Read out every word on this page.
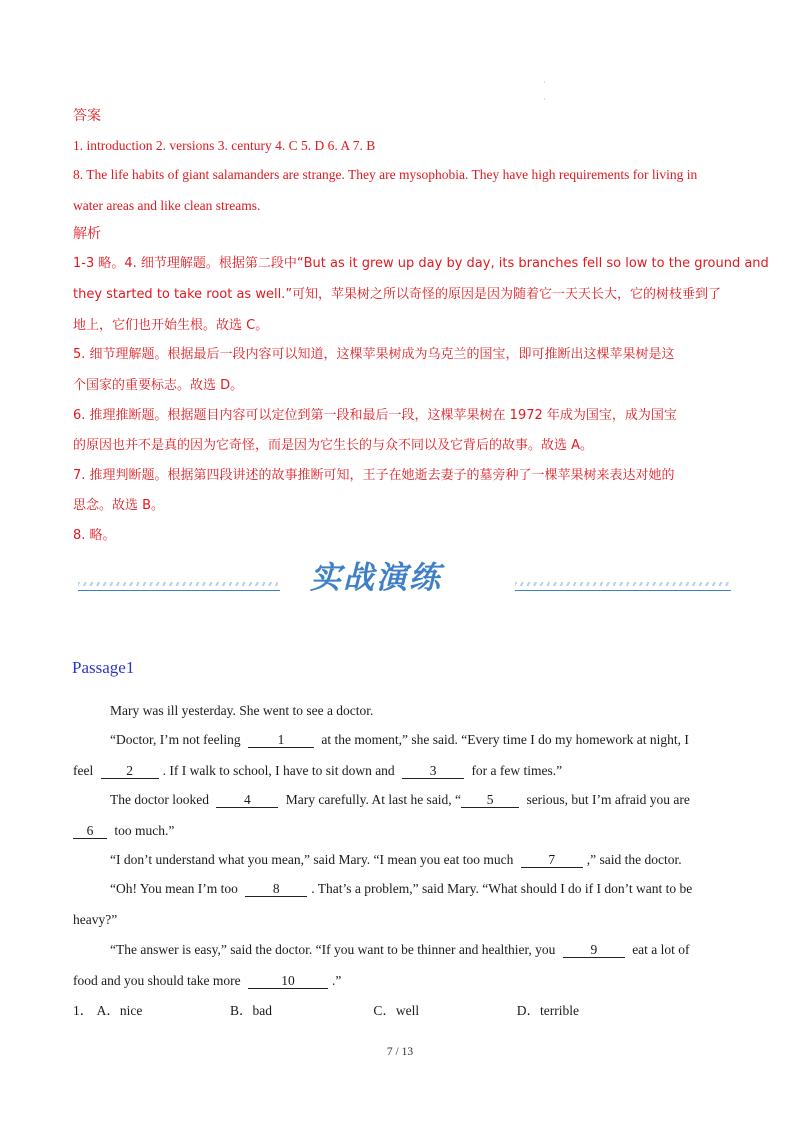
·
·
答案
1. introduction 2. versions 3. century 4. C 5. D 6. A 7. B
8. The life habits of giant salamanders are strange. They are mysophobia. They have high requirements for living in
water areas and like clean streams.
解析
1-3 略。4. 细节理解题。根据第二段中“But as it grew up day by day, its branches fell so low to the ground and
they started to take root as well.”可知，苹果树之所以奇怪的原因是因为随着它一天天长大，它的树枝垂到了
地上，它们也开始生根。故选 C。
5. 细节理解题。根据最后一段内容可以知道，这棵苹果树成为乌克兰的国宝，即可推断出这棵苹果树是这
个国家的重要标志。故选 D。
6. 推理推断题。根据题目内容可以定位到第一段和最后一段，这棵苹果树在 1972 年成为国宝，成为国宝
的原因也并不是真的因为它奇怪，而是因为它生长的与众不同以及它背后的故事。故选 A。
7. 推理判断题。根据第四段讲述的故事推断可知，王子在她逝去妻子的墓旁种了一棵苹果树来表达对她的
思念。故选 B。
8. 略。
实战演练
Passage1
Mary was ill yesterday. She went to see a doctor.
“Doctor, I’m not feeling	1	at the moment,” she said. “Every time I do my homework at night, I
feel 2 . If I walk to school, I have to sit down and	3	for a few times.”
The doctor looked	4	Mary carefully. At last he said, “ 5 serious, but I’m afraid you are
6 too much.”
“I don’t understand what you mean,” said Mary. “I mean you eat too much	7 ,” said the doctor.
“Oh! You mean I’m too	8 . That’s a problem,” said Mary. “What should I do if I don’t want to be
heavy?”
“The answer is easy,” said the doctor. “If you want to be thinner and healthier, you	9	eat a lot of
food and you should take more	10	.”
1． A．nice	B．bad	C．well	D．terrible
7 / 13
